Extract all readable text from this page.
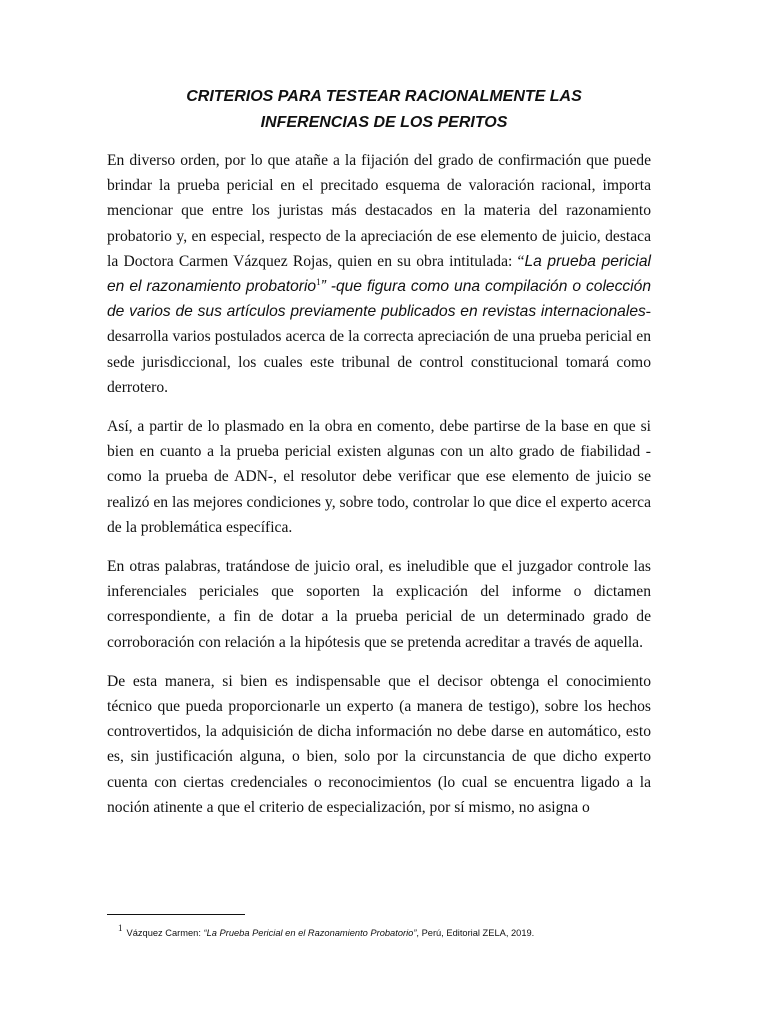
CRITERIOS PARA TESTEAR RACIONALMENTE LAS
INFERENCIAS DE LOS PERITOS

En diverso orden, por lo que atañe a la fijación del grado de confirmación que puede brindar la prueba pericial en el precitado esquema de valoración racional, importa mencionar que entre los juristas más destacados en la materia del razonamiento probatorio y, en especial, respecto de la apreciación de ese elemento de juicio, destaca la Doctora Carmen Vázquez Rojas, quien en su obra intitulada: “La prueba pericial en el razonamiento probatorio$^1$” -que figura como una compilación o colección de varios de sus artículos previamente publicados en revistas internacionales- desarrolla varios postulados acerca de la correcta apreciación de una prueba pericial en sede jurisdiccional, los cuales este tribunal de control constitucional tomará como derrotero.

Así, a partir de lo plasmado en la obra en comento, debe partirse de la base en que si bien en cuanto a la prueba pericial existen algunas con un alto grado de fiabilidad -como la prueba de ADN-, el resolutor debe verificar que ese elemento de juicio se realizó en las mejores condiciones y, sobre todo, controlar lo que dice el experto acerca de la problemática específica.

En otras palabras, tratándose de juicio oral, es ineludible que el juzgador controle las inferenciales periciales que soporten la explicación del informe o dictamen correspondiente, a fin de dotar a la prueba pericial de un determinado grado de corroboración con relación a la hipótesis que se pretenda acreditar a través de aquella.

De esta manera, si bien es indispensable que el decisor obtenga el conocimiento técnico que pueda proporcionarle un experto (a manera de testigo), sobre los hechos controvertidos, la adquisición de dicha información no debe darse en automático, esto es, sin justificación alguna, o bien, solo por la circunstancia de que dicho experto cuenta con ciertas credenciales o reconocimientos (lo cual se encuentra ligado a la noción atinente a que el criterio de especialización, por sí mismo, no asigna o

$^1$Vázquez Carmen: “La Prueba Pericial en el Razonamiento Probatorio”, Perú, Editorial ZELA, 2019.
